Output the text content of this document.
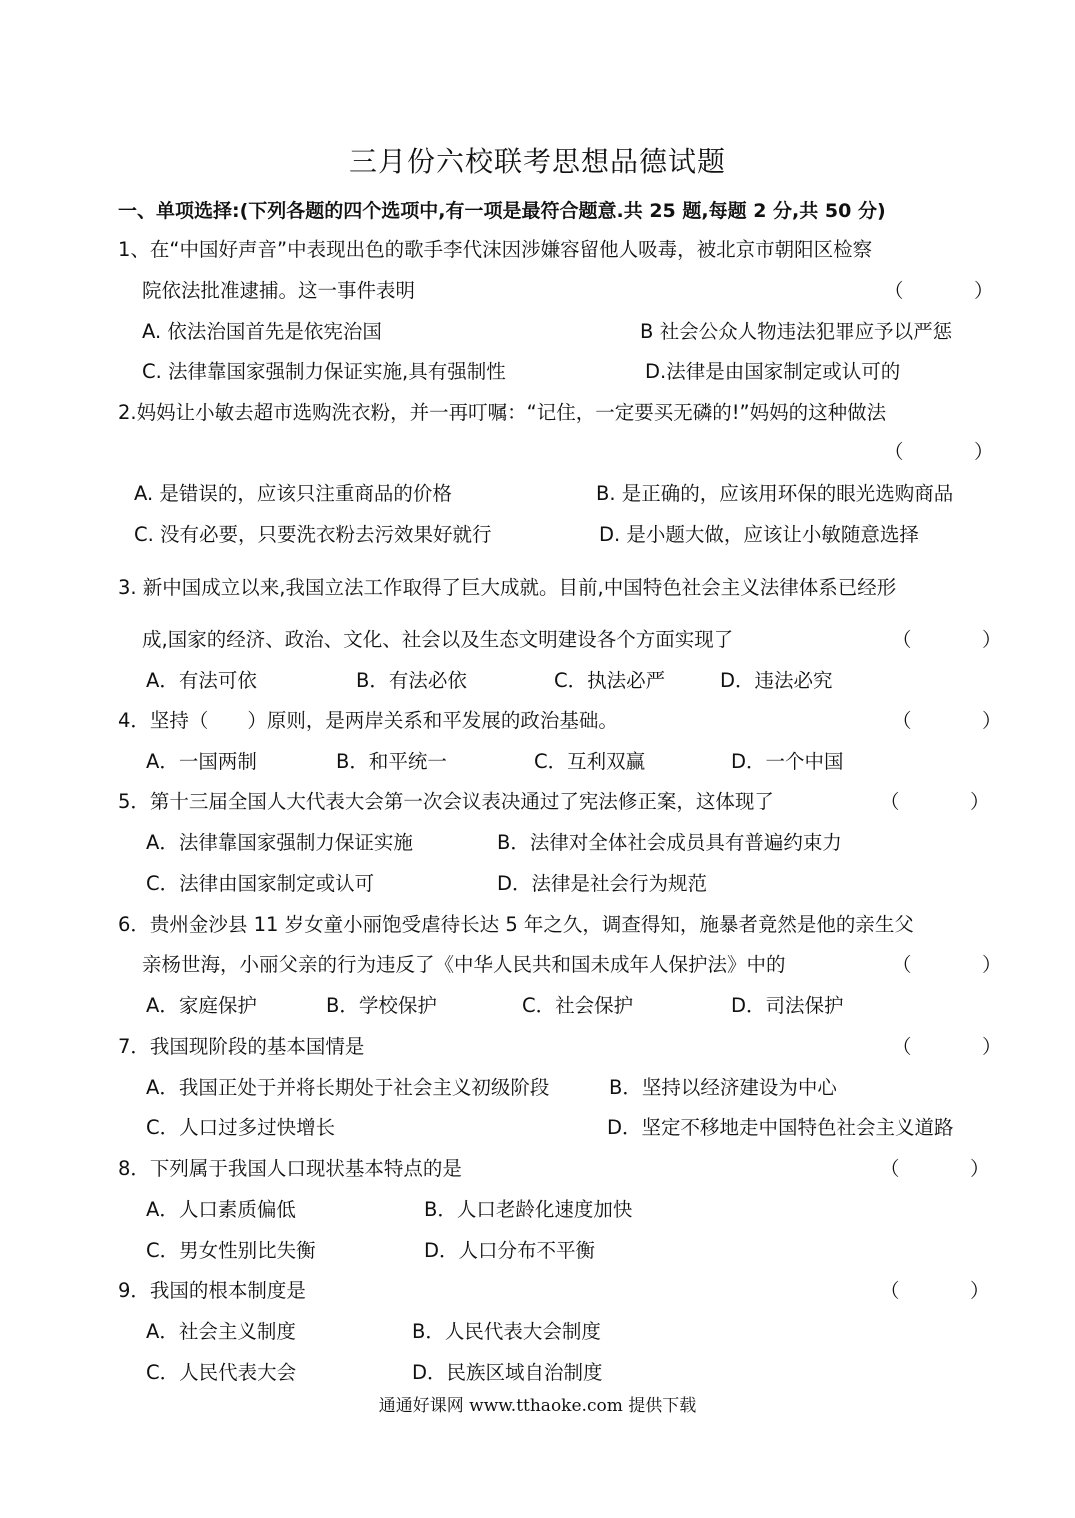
三月份六校联考思想品德试题
一、单项选择:(下列各题的四个选项中,有一项是最符合题意.共 25 题,每题 2 分,共 50 分)
1、在“中国好声音”中表现出色的歌手李代沫因涉嫌容留他人吸毒，被北京市朝阳区检察
院依法批准逮捕。这一事件表明	（	）
A. 依法治国首先是依宪治国	B 社会公众人物违法犯罪应予以严惩
C. 法律靠国家强制力保证实施,具有强制性	D.法律是由国家制定或认可的
2.妈妈让小敏去超市选购洗衣粉，并一再叮嘱：“记住，一定要买无磷的!”妈妈的这种做法
（	）
A. 是错误的，应该只注重商品的价格	B. 是正确的，应该用环保的眼光选购商品
C. 没有必要，只要洗衣粉去污效果好就行	D. 是小题大做，应该让小敏随意选择
3. 新中国成立以来,我国立法工作取得了巨大成就。目前,中国特色社会主义法律体系已经形
成,国家的经济、政治、文化、社会以及生态文明建设各个方面实现了	（	）
A．有法可依	B．有法必依	C．执法必严	D．违法必究
4．坚持（　　）原则，是两岸关系和平发展的政治基础。	（	）
A．一国两制	B．和平统一	C．互利双赢	D．一个中国
5．第十三届全国人大代表大会第一次会议表决通过了宪法修正案，这体现了	（	）
A．法律靠国家强制力保证实施	B．法律对全体社会成员具有普遍约束力
C．法律由国家制定或认可	D．法律是社会行为规范
6．贵州金沙县 11 岁女童小丽饱受虐待长达 5 年之久，调查得知，施暴者竟然是他的亲生父
亲杨世海，小丽父亲的行为违反了《中华人民共和国未成年人保护法》中的	（	）
A．家庭保护	B．学校保护	C．社会保护	D．司法保护
7．我国现阶段的基本国情是	（	）
A．我国正处于并将长期处于社会主义初级阶段	B．坚持以经济建设为中心
C．人口过多过快增长	D．坚定不移地走中国特色社会主义道路
8．下列属于我国人口现状基本特点的是	（	）
A．人口素质偏低	B．人口老龄化速度加快
C．男女性别比失衡	D．人口分布不平衡
9．我国的根本制度是	（	）
A．社会主义制度	B．人民代表大会制度
C．人民代表大会	D．民族区域自治制度
通通好课网 www.tthaoke.com 提供下载
